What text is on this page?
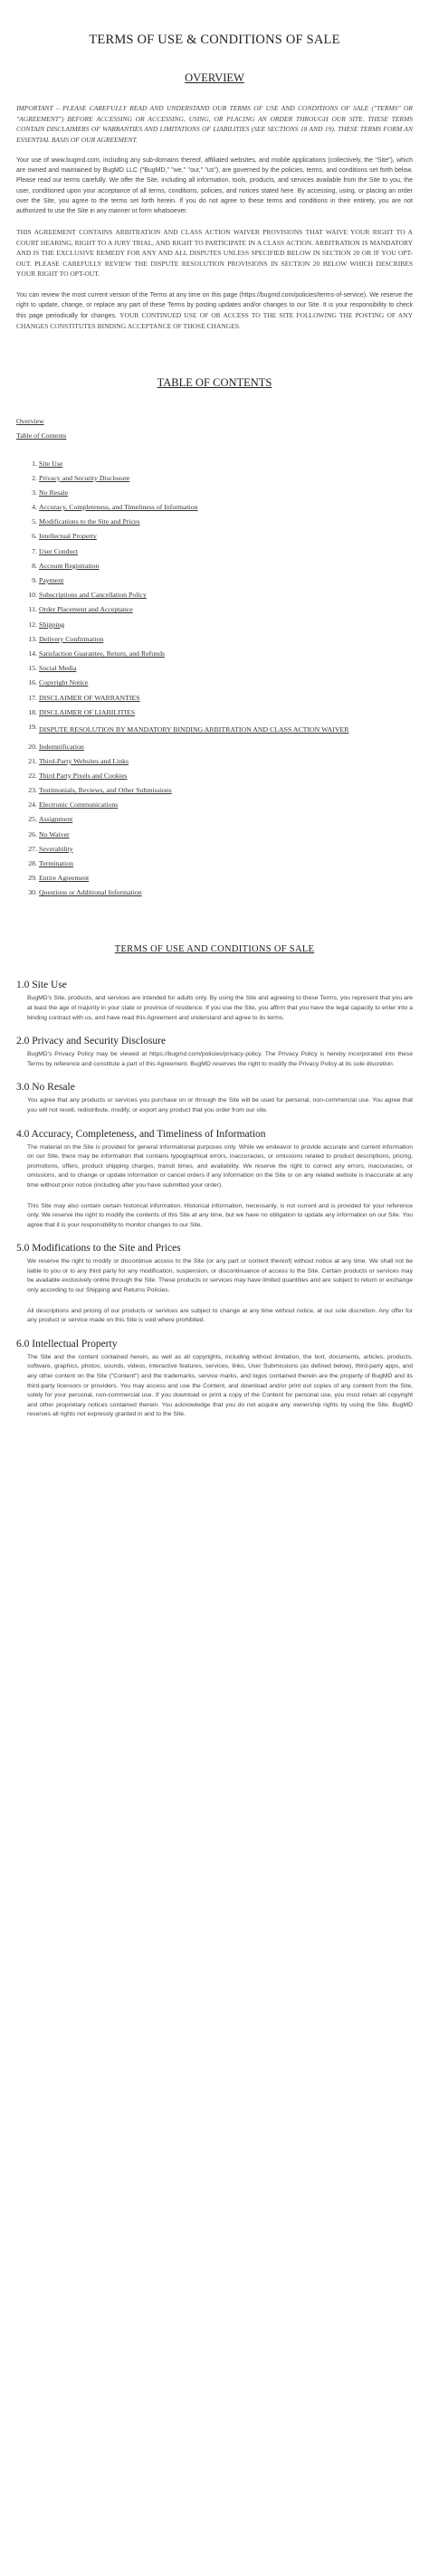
TERMS OF USE & CONDITIONS OF SALE
OVERVIEW

IMPORTANT – PLEASE CAREFULLY READ AND UNDERSTAND OUR TERMS OF USE AND CONDITIONS OF SALE ("TERMS" OR "AGREEMENT") BEFORE ACCESSING OR ACCESSING, USING, OR PLACING AN ORDER THROUGH OUR SITE. THESE TERMS CONTAIN DISCLAIMERS OF WARRANTIES AND LIMITATIONS OF LIABILITIES (SEE SECTIONS 18 AND 19). THESE TERMS FORM AN ESSENTIAL BASIS OF OUR AGREEMENT.

Your use of www.bugmd.com, including any sub-domains thereof, affiliated websites, and mobile applications (collectively, the "Site"), which are owned and maintained by BugMD LLC ("BugMD," "we," "our," "us"), are governed by the policies, terms, and conditions set forth below. Please read our terms carefully. We offer the Site, including all information, tools, products, and services available from the Site to you, the user, conditioned upon your acceptance of all terms, conditions, policies, and notices stated here. By accessing, using, or placing an order over the Site, you agree to the terms set forth herein. If you do not agree to these terms and conditions in their entirety, you are not authorized to use the Site in any manner or form whatsoever.

THIS AGREEMENT CONTAINS ARBITRATION AND CLASS ACTION WAIVER PROVISIONS THAT WAIVE YOUR RIGHT TO A COURT HEARING, RIGHT TO A JURY TRIAL, AND RIGHT TO PARTICIPATE IN A CLASS ACTION. ARBITRATION IS MANDATORY AND IS THE EXCLUSIVE REMEDY FOR ANY AND ALL DISPUTES UNLESS SPECIFIED BELOW IN SECTION 20 OR IF YOU OPT-OUT. PLEASE CAREFULLY REVIEW THE DISPUTE RESOLUTION PROVISIONS IN SECTION 20 BELOW WHICH DESCRIBES YOUR RIGHT TO OPT-OUT.

You can review the most current version of the Terms at any time on this page (https://bugmd.com/policies/terms-of-service). We reserve the right to update, change, or replace any part of these Terms by posting updates and/or changes to our Site. It is your responsibility to check this page periodically for changes. YOUR CONTINUED USE OF OR ACCESS TO THE SITE FOLLOWING THE POSTING OF ANY CHANGES CONSTITUTES BINDING ACCEPTANCE OF THOSE CHANGES.

TABLE OF CONTENTS
Overview
Table of Contents
1. Site Use
2. Privacy and Security Disclosure
3. No Resale
4. Accuracy, Completeness, and Timeliness of Information
5. Modifications to the Site and Prices
6. Intellectual Property
7. User Conduct
8. Account Registration
9. Payment
10. Subscriptions and Cancellation Policy
11. Order Placement and Acceptance
12. Shipping
13. Delivery Confirmation
14. Satisfaction Guarantee, Return, and Refunds
15. Social Media
16. Copyright Notice
17. DISCLAIMER OF WARRANTIES
18. DISCLAIMER OF LIABILITIES
19. DISPUTE RESOLUTION BY MANDATORY BINDING ARBITRATION AND CLASS ACTION WAIVER
20. Indemnification
21. Third-Party Websites and Links
22. Third Party Pixels and Cookies
23. Testimonials, Reviews, and Other Submissions
24. Electronic Communications
25. Assignment
26. No Waiver
27. Severability
28. Termination
29. Entire Agreement
30. Questions or Additional Information
TERMS OF USE AND CONDITIONS OF SALE
1.0 Site Use

BugMD's Site, products, and services are intended for adults only. By using the Site and agreeing to these Terms, you represent that you are at least the age of majority in your state or province of residence. If you use the Site, you affirm that you have the legal capacity to enter into a binding contract with us, and have read this Agreement and understand and agree to its terms.

2.0 Privacy and Security Disclosure

BugMD's Privacy Policy may be viewed at https://bugmd.com/policies/privacy-policy. The Privacy Policy is hereby incorporated into these Terms by reference and constitute a part of this Agreement. BugMD reserves the right to modify the Privacy Policy at its sole discretion.

3.0 No Resale

You agree that any products or services you purchase on or through the Site will be used for personal, non-commercial use. You agree that you will not resell, redistribute, modify, or export any product that you order from our site.

4.0 Accuracy, Completeness, and Timeliness of Information

The material on the Site is provided for general informational purposes only. While we endeavor to provide accurate and current information on our Site, there may be information that contains typographical errors, inaccuracies, or omissions related to product descriptions, pricing, promotions, offers, product shipping charges, transit times, and availability. We reserve the right to correct any errors, inaccuracies, or omissions, and to change or update information or cancel orders if any information on the Site or on any related website is inaccurate at any time without prior notice (including after you have submitted your order).

This Site may also contain certain historical information. Historical information, necessarily, is not current and is provided for your reference only. We reserve the right to modify the contents of this Site at any time, but we have no obligation to update any information on our Site. You agree that it is your responsibility to monitor changes to our Site.

5.0 Modifications to the Site and Prices

We reserve the right to modify or discontinue access to the Site (or any part or content thereof) without notice at any time. We shall not be liable to you or to any third party for any modification, suspension, or discontinuance of access to the Site. Certain products or services may be available exclusively online through the Site. These products or services may have limited quantities and are subject to return or exchange only according to our Shipping and Returns Policies.

All descriptions and pricing of our products or services are subject to change at any time without notice, at our sole discretion. Any offer for any product or service made on this Site is void where prohibited.

6.0 Intellectual Property

The Site and the content contained herein, as well as all copyrights, including without limitation, the text, documents, articles, products, software, graphics, photos, sounds, videos, interactive features, services, links, User Submissions (as defined below), third-party apps, and any other content on the Site ("Content") and the trademarks, service marks, and logos contained therein are the property of BugMD and its third-party licensors or providers. You may access and use the Content, and download and/or print out copies of any content from the Site, solely for your personal, non-commercial use. If you download or print a copy of the Content for personal use, you must retain all copyright and other proprietary notices contained therein. You acknowledge that you do not acquire any ownership rights by using the Site. BugMD reserves all rights not expressly granted in and to the Site.
